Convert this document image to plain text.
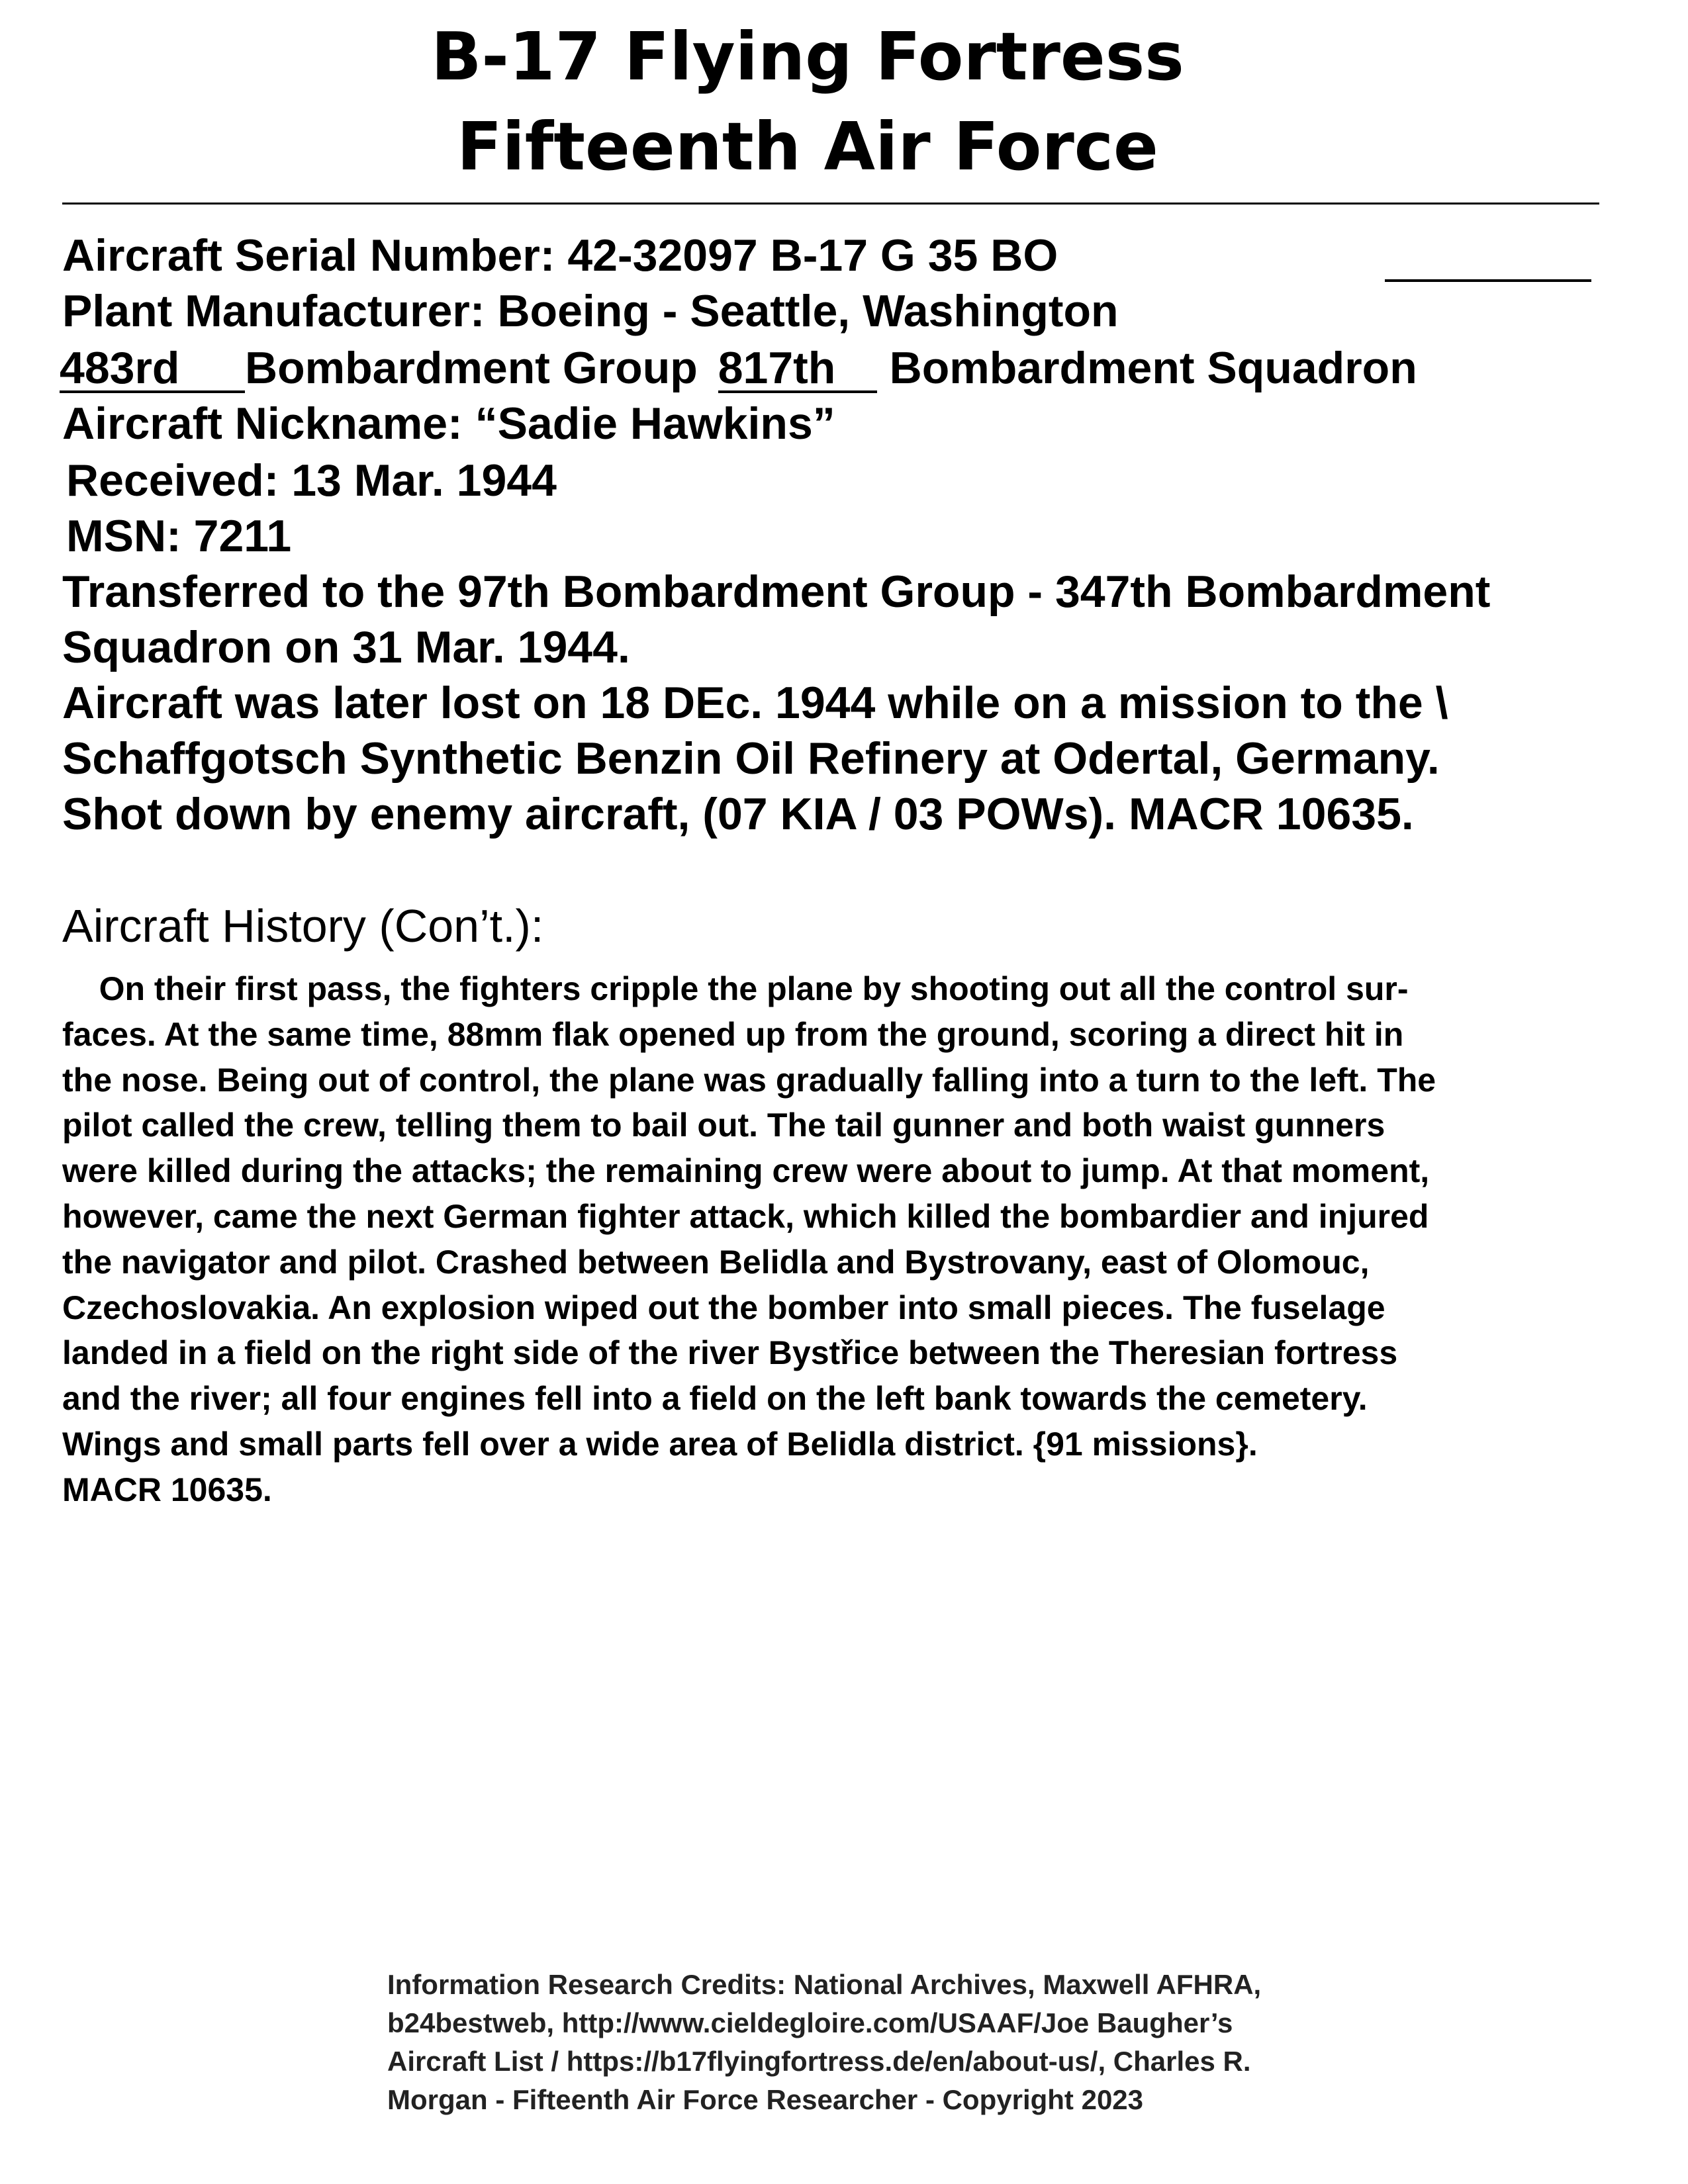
B-17 Flying Fortress
Fifteenth Air Force
Aircraft Serial Number: 42-32097 B-17 G 35 BO
Plant Manufacturer: Boeing - Seattle, Washington
483rd Bombardment Group 817th Bombardment Squadron
Aircraft Nickname: “Sadie Hawkins”
Received: 13 Mar. 1944
MSN: 7211
Transferred to the 97th Bombardment Group - 347th Bombardment
Squadron on 31 Mar. 1944.
Aircraft was later lost on 18 DEc. 1944 while on a mission to the \
Schaffgotsch Synthetic Benzin Oil Refinery at Odertal, Germany.
Shot down by enemy aircraft, (07 KIA / 03 POWs). MACR 10635.
Aircraft History (Con’t.):
On their first pass, the fighters cripple the plane by shooting out all the control sur-
faces. At the same time, 88mm flak opened up from the ground, scoring a direct hit in
the nose. Being out of control, the plane was gradually falling into a turn to the left. The
pilot called the crew, telling them to bail out. The tail gunner and both waist gunners
were killed during the attacks; the remaining crew were about to jump. At that moment,
however, came the next German fighter attack, which killed the bombardier and injured
the navigator and pilot. Crashed between Belidla and Bystrovany, east of Olomouc,
Czechoslovakia. An explosion wiped out the bomber into small pieces. The fuselage
landed in a field on the right side of the river Bystřice between the Theresian fortress
and the river; all four engines fell into a field on the left bank towards the cemetery.
Wings and small parts fell over a wide area of Belidla district. {91 missions}.
MACR 10635.
Information Research Credits: National Archives, Maxwell AFHRA,
b24bestweb, http://www.cieldegloire.com/USAAF/Joe Baugher’s
Aircraft List / https://b17flyingfortress.de/en/about-us/, Charles R.
Morgan - Fifteenth Air Force Researcher - Copyright 2023
